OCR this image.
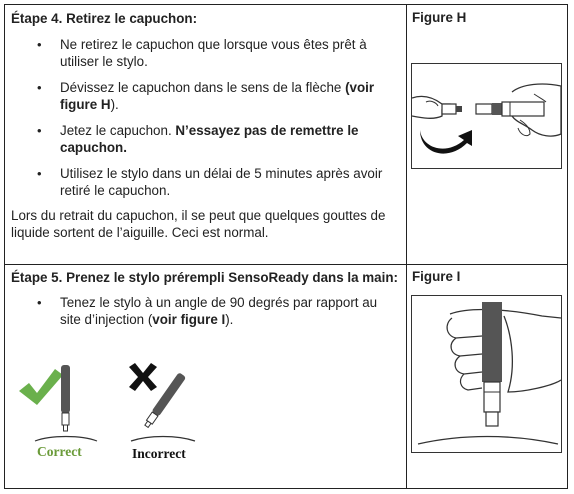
Étape 4. Retirez le capuchon:
• Ne retirez le capuchon que lorsque vous êtes prêt à utiliser le stylo.
• Dévissez le capuchon dans le sens de la flèche (voir figure H).
• Jetez le capuchon. N’essayez pas de remettre le capuchon.
• Utilisez le stylo dans un délai de 5 minutes après avoir retiré le capuchon.
Lors du retrait du capuchon, il se peut que quelques gouttes de liquide sortent de l’aiguille. Ceci est normal.
Figure H
Étape 5. Prenez le stylo prérempli SensoReady dans la main:
• Tenez le stylo à un angle de 90 degrés par rapport au site d’injection (voir figure I).
Correct	Incorrect
Figure I
